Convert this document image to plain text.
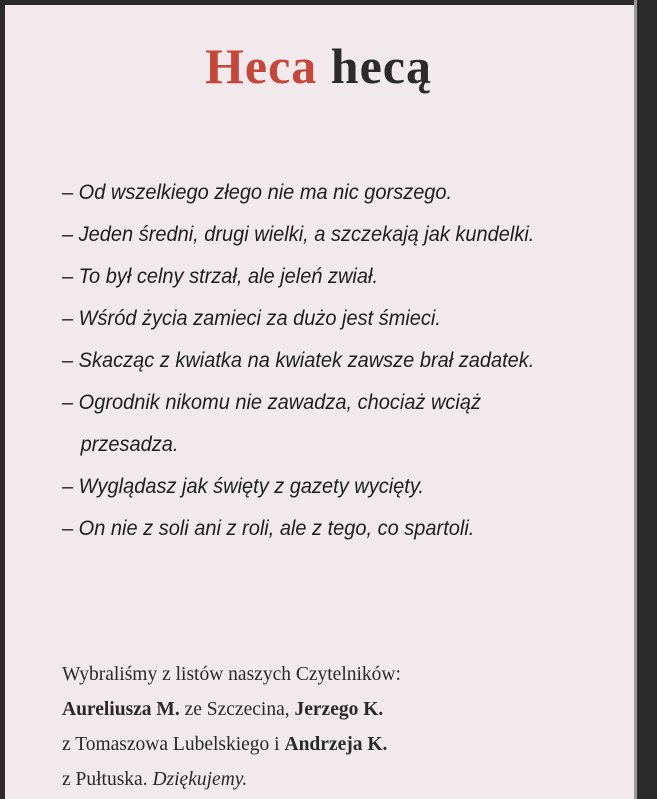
Heca hecą
– Od wszelkiego złego nie ma nic gorszego.
– Jeden średni, drugi wielki, a szczekają jak kundelki.
– To był celny strzał, ale jeleń zwiał.
– Wśród życia zamieci za dużo jest śmieci.
– Skacząc z kwiatka na kwiatek zawsze brał zadatek.
– Ogrodnik nikomu nie zawadza, chociaż wciąż przesadza.
– Wyglądasz jak święty z gazety wycięty.
– On nie z soli ani z roli, ale z tego, co spartoli.
Wybraliśmy z listów naszych Czytelników:
Aureliusza M. ze Szczecina, Jerzego K.
z Tomaszowa Lubelskiego i Andrzeja K.
z Pułtuska. Dziękujemy.
